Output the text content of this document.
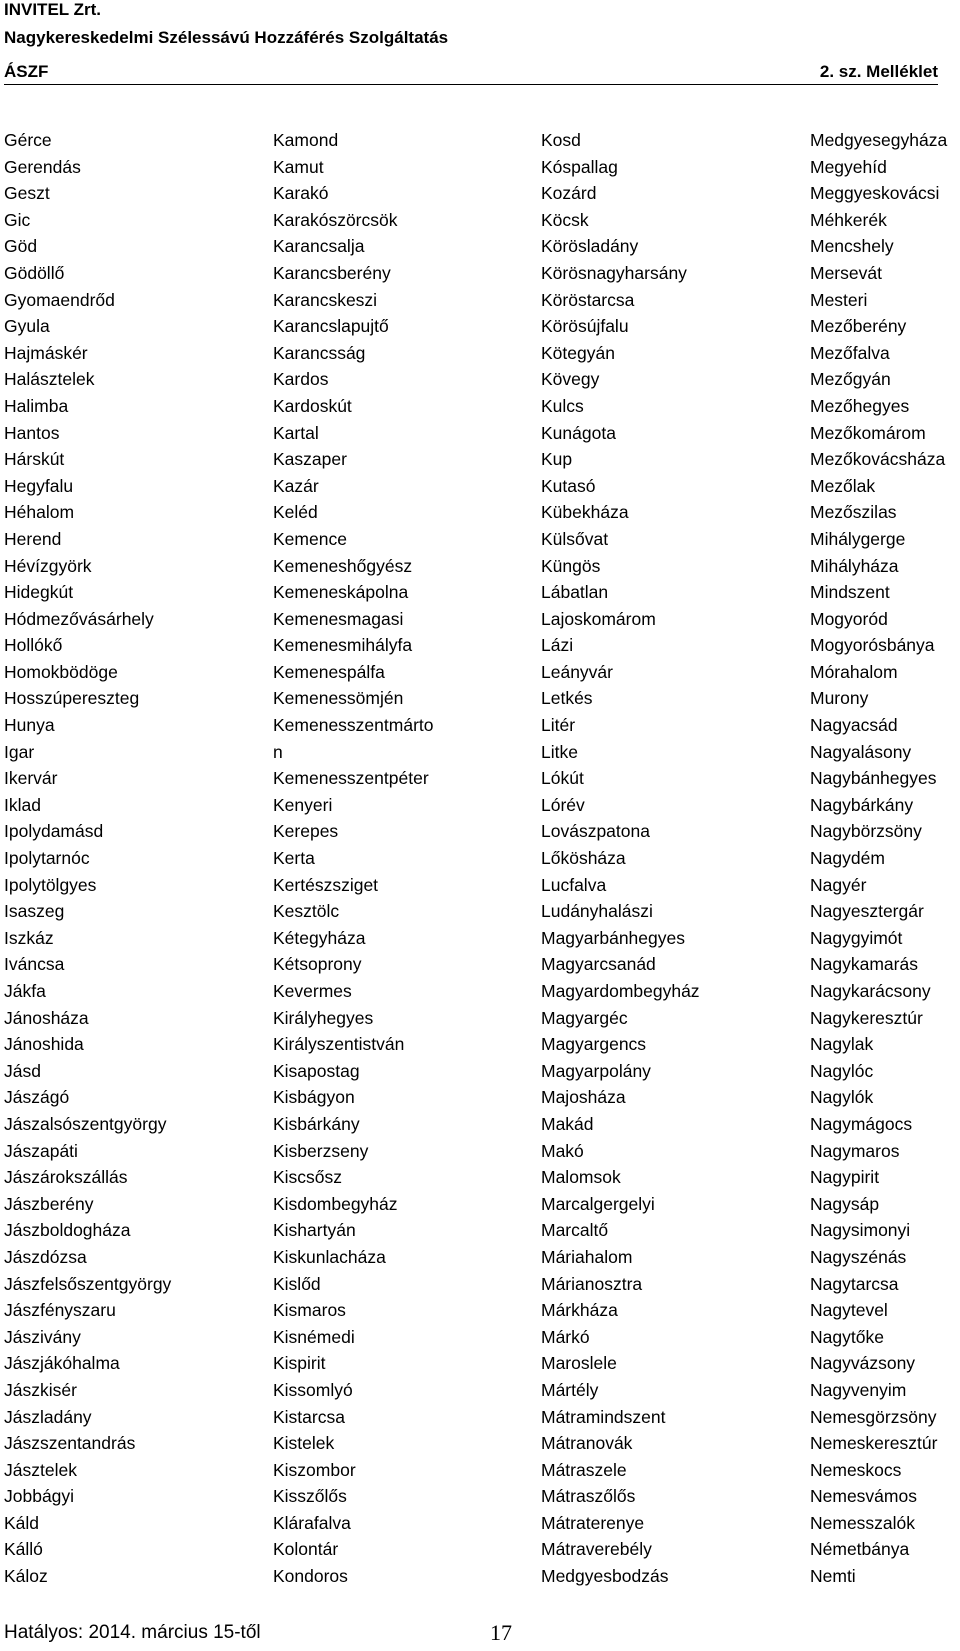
INVITEL Zrt.
Nagykereskedelmi Szélessávú Hozzáférés Szolgáltatás
ÁSZF	2. sz. Melléklet
Gérce
Gerendás
Geszt
Gic
Göd
Gödöllő
Gyomaendrőd
Gyula
Hajmáskér
Halásztelek
Halimba
Hantos
Hárskút
Hegyfalu
Héhalom
Herend
Hévízgyörk
Hidegkút
Hódmezővásárhely
Hollókő
Homokbödöge
Hosszúpereszteg
Hunya
Igar
Ikervár
Iklad
Ipolydamásd
Ipolytarnóc
Ipolytölgyes
Isaszeg
Iszkáz
Iváncsa
Jákfa
Jánosháza
Jánoshida
Jásd
Jászágó
Jászalsószentgyörgy
Jászapáti
Jászárokszállás
Jászberény
Jászboldogháza
Jászdózsa
Jászfelsőszentgyörgy
Jászfényszaru
Jászivány
Jászjákóhalma
Jászkisér
Jászladány
Jászszentandrás
Jásztelek
Jobbágyi
Káld
Kálló
Káloz
Kamond
Kamut
Karakó
Karakószörcsök
Karancsalja
Karancsberény
Karancskeszi
Karancslapujtő
Karancsság
Kardos
Kardoskút
Kartal
Kaszaper
Kazár
Keléd
Kemence
Kemeneshőgyész
Kemeneskápolna
Kemenesmagasi
Kemenesmihályfa
Kemenespálfa
Kemenessömjén
Kemenesszentmárto
n
Kemenesszentpéter
Kenyeri
Kerepes
Kerta
Kertészsziget
Kesztölc
Kétegyháza
Kétsoprony
Kevermes
Királyhegyes
Királyszentistván
Kisapostag
Kisbágyon
Kisbárkány
Kisberzseny
Kiscsősz
Kisdombegyház
Kishartyán
Kiskunlacháza
Kislőd
Kismaros
Kisnémedi
Kispirit
Kissomlyó
Kistarcsa
Kistelek
Kiszombor
Kisszőlős
Klárafalva
Kolontár
Kondoros
Kosd
Kóspallag
Kozárd
Köcsk
Körösladány
Körösnagyharsány
Köröstarcsa
Körösújfalu
Kötegyán
Kövegy
Kulcs
Kunágota
Kup
Kutasó
Kübekháza
Külsővat
Küngös
Lábatlan
Lajoskomárom
Lázi
Leányvár
Letkés
Litér
Litke
Lókút
Lórév
Lovászpatona
Lőkösháza
Lucfalva
Ludányhalászi
Magyarbánhegyes
Magyarcsanád
Magyardombegyház
Magyargéc
Magyargencs
Magyarpolány
Majosháza
Makád
Makó
Malomsok
Marcalgergelyi
Marcaltő
Máriahalom
Márianosztra
Márkháza
Márkó
Maroslele
Mártély
Mátramindszent
Mátranovák
Mátraszele
Mátraszőlős
Mátraterenye
Mátraverebély
Medgyesbodzás
Medgyesegyháza
Megyehíd
Meggyeskovácsi
Méhkerék
Mencshely
Mersevát
Mesteri
Mezőberény
Mezőfalva
Mezőgyán
Mezőhegyes
Mezőkomárom
Mezőkovácsháza
Mezőlak
Mezőszilas
Mihálygerge
Mihályháza
Mindszent
Mogyoród
Mogyorósbánya
Mórahalom
Murony
Nagyacsád
Nagyalásony
Nagybánhegyes
Nagybárkány
Nagybörzsöny
Nagydém
Nagyér
Nagyesztergár
Nagygyimót
Nagykamarás
Nagykarácsony
Nagykeresztúr
Nagylak
Nagylóc
Nagylók
Nagymágocs
Nagymaros
Nagypirit
Nagysáp
Nagysimonyi
Nagyszénás
Nagytarcsa
Nagytevel
Nagytőke
Nagyvázsony
Nagyvenyim
Nemesgörzsöny
Nemeskeresztúr
Nemeskocs
Nemesvámos
Nemesszalók
Németbánya
Nemti
Hatályos: 2014. március 15-től	17
